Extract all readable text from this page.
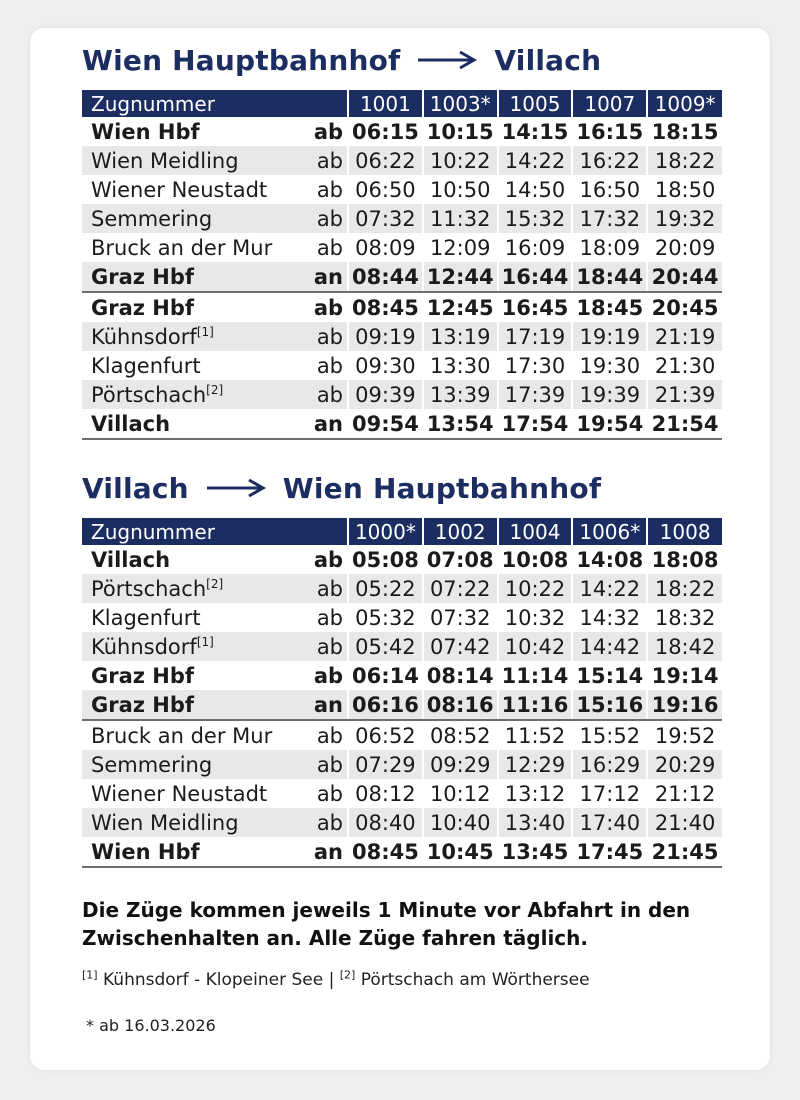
Wien Hauptbahnhof	Villach
Zugnummer		1001	1003*	1005	1007	1009*
Wien Hbf	ab	06:15	10:15	14:15	16:15	18:15
Wien Meidling	ab	06:22	10:22	14:22	16:22	18:22
Wiener Neustadt	ab	06:50	10:50	14:50	16:50	18:50
Semmering	ab	07:32	11:32	15:32	17:32	19:32
Bruck an der Mur	ab	08:09	12:09	16:09	18:09	20:09
Graz Hbf	an	08:44	12:44	16:44	18:44	20:44
Graz Hbf	ab	08:45	12:45	16:45	18:45	20:45
Kühnsdorf[1]	ab	09:19	13:19	17:19	19:19	21:19
Klagenfurt	ab	09:30	13:30	17:30	19:30	21:30
Pörtschach[2]	ab	09:39	13:39	17:39	19:39	21:39
Villach	an	09:54	13:54	17:54	19:54	21:54
Villach	Wien Hauptbahnhof
Zugnummer		1000*	1002	1004	1006*	1008
Villach	ab	05:08	07:08	10:08	14:08	18:08
Pörtschach[2]	ab	05:22	07:22	10:22	14:22	18:22
Klagenfurt	ab	05:32	07:32	10:32	14:32	18:32
Kühnsdorf[1]	ab	05:42	07:42	10:42	14:42	18:42
Graz Hbf	ab	06:14	08:14	11:14	15:14	19:14
Graz Hbf	an	06:16	08:16	11:16	15:16	19:16
Bruck an der Mur	ab	06:52	08:52	11:52	15:52	19:52
Semmering	ab	07:29	09:29	12:29	16:29	20:29
Wiener Neustadt	ab	08:12	10:12	13:12	17:12	21:12
Wien Meidling	ab	08:40	10:40	13:40	17:40	21:40
Wien Hbf	an	08:45	10:45	13:45	17:45	21:45
Die Züge kommen jeweils 1 Minute vor Abfahrt in den Zwischenhalten an. Alle Züge fahren täglich.
[1] Kühnsdorf - Klopeiner See | [2] Pörtschach am Wörthersee
* ab 16.03.2026
